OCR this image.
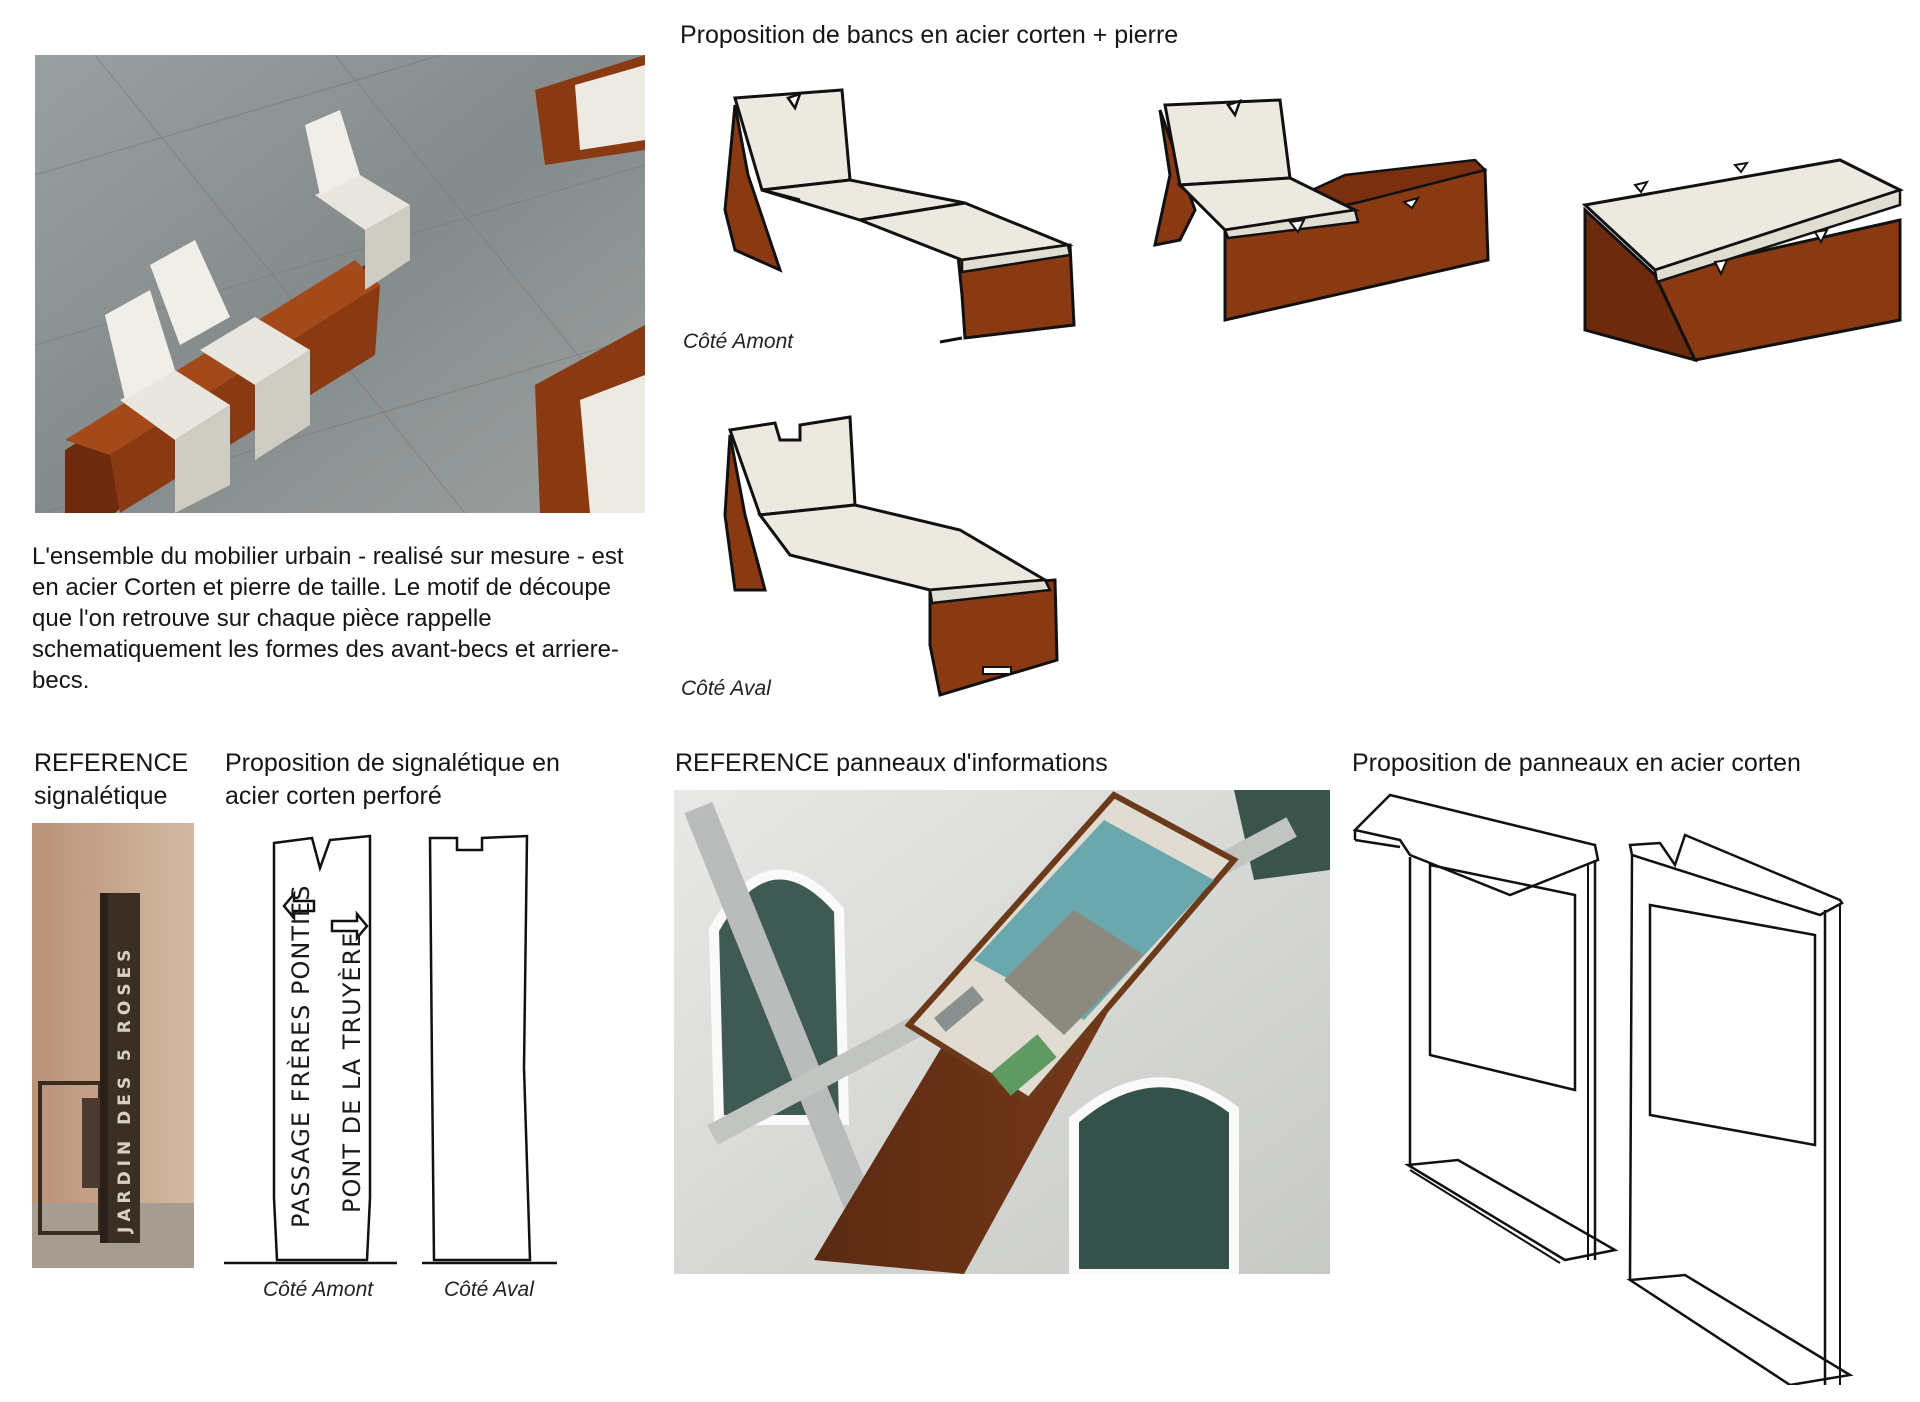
L'ensemble du mobilier urbain - realisé sur mesure - est en acier Corten et pierre de taille. Le motif de découpe que l'on retrouve sur chaque pièce rappelle schematiquement les formes des avant-becs et arriere-becs.
Proposition de bancs en acier corten + pierre
Côté Amont
Côté Aval
REFERENCE
signalétique
JARDIN DES 5 ROSES
Proposition de signalétique en
acier corten perforé
PASSAGE FRÈRES PONTIES PONT DE LA TRUYÈRE
Côté Amont	Côté Aval
REFERENCE panneaux d'informations	Proposition de panneaux en acier corten
